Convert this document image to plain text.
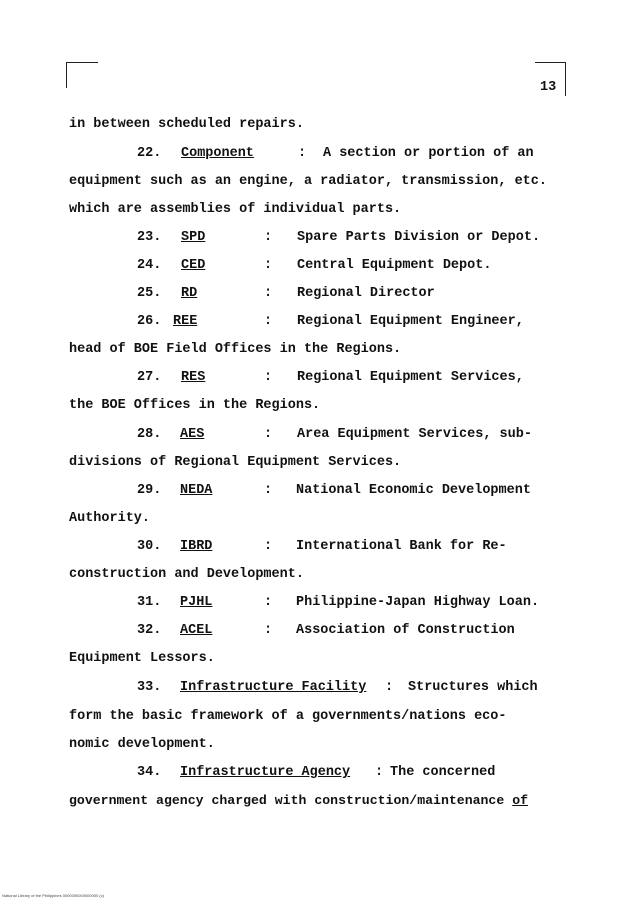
13
in between scheduled repairs.
22. Component	: A section or portion of an
equipment such as an engine, a radiator, transmission, etc.
which are assemblies of individual parts.
23. SPD	: Spare Parts Division or Depot.
24. CED	: Central Equipment Depot.
25. RD	: Regional Director
26. REE	: Regional Equipment Engineer,
head of BOE Field Offices in the Regions.
27. RES	: Regional Equipment Services,
the BOE Offices in the Regions.
28. AES	: Area Equipment Services, sub-
divisions of Regional Equipment Services.
29. NEDA	: National Economic Development
Authority.
30. IBRD	: International Bank for Re-
construction and Development.
31. PJHL	: Philippine-Japan Highway Loan.
32. ACEL	: Association of Construction
Equipment Lessors.
33. Infrastructure Facility : Structures which
form the basic framework of a governments/nations eco-
nomic development.
34. Infrastructure Agency : The concerned
government agency charged with construction/maintenance of
National Library of the Philippines 0000000000000000 (c)
